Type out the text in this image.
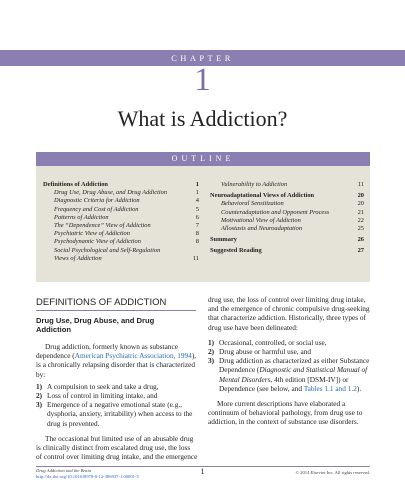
CHAPTER
1
What is Addiction?
OUTLINE
Definitions of Addiction	1
Drug Use, Drug Abuse, and Drug Addiction	1
Diagnostic Criteria for Addiction	4
Frequency and Cost of Addiction	5
Patterns of Addiction	6
The “Dependence” View of Addiction	7
Psychiatric View of Addiction	8
Psychodynamic View of Addiction	8
Social Psychological and Self-Regulation Views of Addiction	11
Vulnerability to Addiction	11
Neuroadaptational Views of Addiction	20
Behavioral Sensitization	20
Counteradaptation and Opponent Process	21
Motivational View of Addiction	22
Allostasis and Neuroadaptation	25
Summary	26
Suggested Reading	27
DEFINITIONS OF ADDICTION
Drug Use, Drug Abuse, and Drug
Addiction

Drug addiction, formerly known as substance dependence (American Psychiatric Association, 1994), is a chronically relapsing disorder that is characterized by:

1) A compulsion to seek and take a drug,
2) Loss of control in limiting intake, and
3) Emergence of a negative emotional state (e.g., dysphoria, anxiety, irritability) when access to the drug is prevented.

The occasional but limited use of an abusable drug is clinically distinct from escalated drug use, the loss of control over limiting drug intake, and the emergence

drug use, the loss of control over limiting drug intake, and the emergence of chronic compulsive drug-seeking that characterize addiction. Historically, three types of drug use have been delineated:

1) Occasional, controlled, or social use,
2) Drug abuse or harmful use, and
3) Drug addiction as characterized as either Substance Dependence (Diagnostic and Statistical Manual of Mental Disorders, 4th edition [DSM-IV]) or Dependence (see below, and Tables 1.1 and 1.2).

More current descriptions have elaborated a continuum of behavioral pathology, from drug use to addiction, in the context of substance use disorders.

Drug Addiction and the Brain
http://dx.doi.org/10.1016/B978-0-12-386937-1.00001-5
1	© 2014 Elsevier Inc. All rights reserved.
